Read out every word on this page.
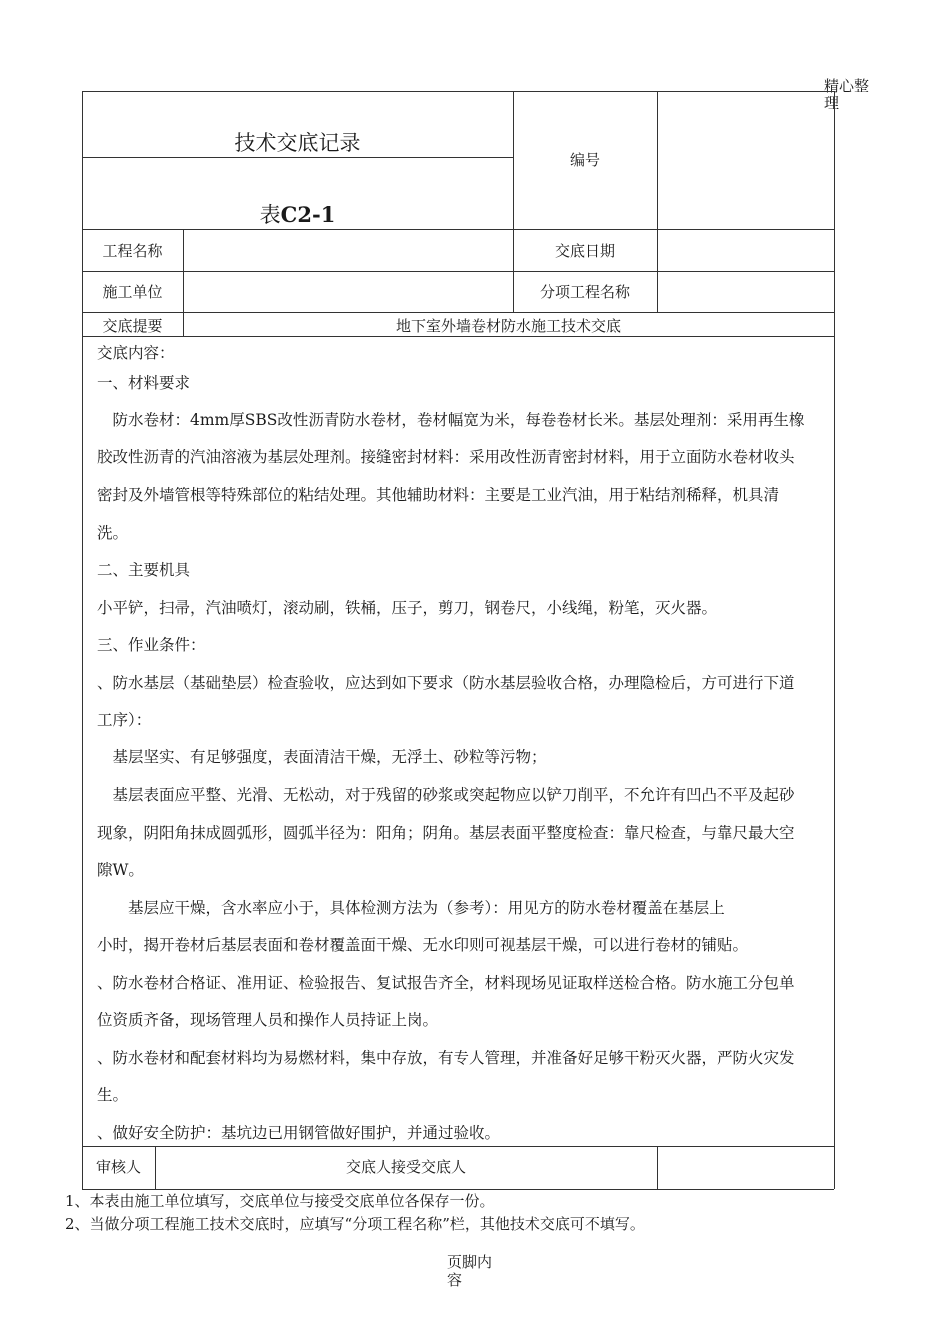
精心整理
技术交底记录
表C2-1
编号
工程名称	交底日期
施工单位	分项工程名称
交底提要	地下室外墙卷材防水施工技术交底
交底内容：
一、材料要求
　防水卷材：4mm厚SBS改性沥青防水卷材，卷材幅宽为米，每卷卷材长米。基层处理剂：采用再生橡
胶改性沥青的汽油溶液为基层处理剂。接缝密封材料：采用改性沥青密封材料，用于立面防水卷材收头
密封及外墙管根等特殊部位的粘结处理。其他辅助材料：主要是工业汽油，用于粘结剂稀释，机具清
洗。
二、主要机具
小平铲，扫帚，汽油喷灯，滚动刷，铁桶，压子，剪刀，钢卷尺，小线绳，粉笔，灭火器。
三、作业条件：
、防水基层（基础垫层）检查验收，应达到如下要求（防水基层验收合格，办理隐检后，方可进行下道
工序）：
　基层坚实、有足够强度，表面清洁干燥，无浮土、砂粒等污物；
　基层表面应平整、光滑、无松动，对于残留的砂浆或突起物应以铲刀削平，不允许有凹凸不平及起砂
现象，阴阳角抹成圆弧形，圆弧半径为：阳角；阴角。基层表面平整度检查：靠尺检查，与靠尺最大空
隙W。
　　基层应干燥，含水率应小于，具体检测方法为（参考）：用见方的防水卷材覆盖在基层上
小时，揭开卷材后基层表面和卷材覆盖面干燥、无水印则可视基层干燥，可以进行卷材的铺贴。
、防水卷材合格证、准用证、检验报告、复试报告齐全，材料现场见证取样送检合格。防水施工分包单
位资质齐备，现场管理人员和操作人员持证上岗。
、防水卷材和配套材料均为易燃材料，集中存放，有专人管理，并准备好足够干粉灭火器，严防火灾发
生。
、做好安全防护：基坑边已用钢管做好围护，并通过验收。
审核人	交底人接受交底人
1、本表由施工单位填写，交底单位与接受交底单位各保存一份。
2、当做分项工程施工技术交底时，应填写“分项工程名称”栏，其他技术交底可不填写。
页脚内容
